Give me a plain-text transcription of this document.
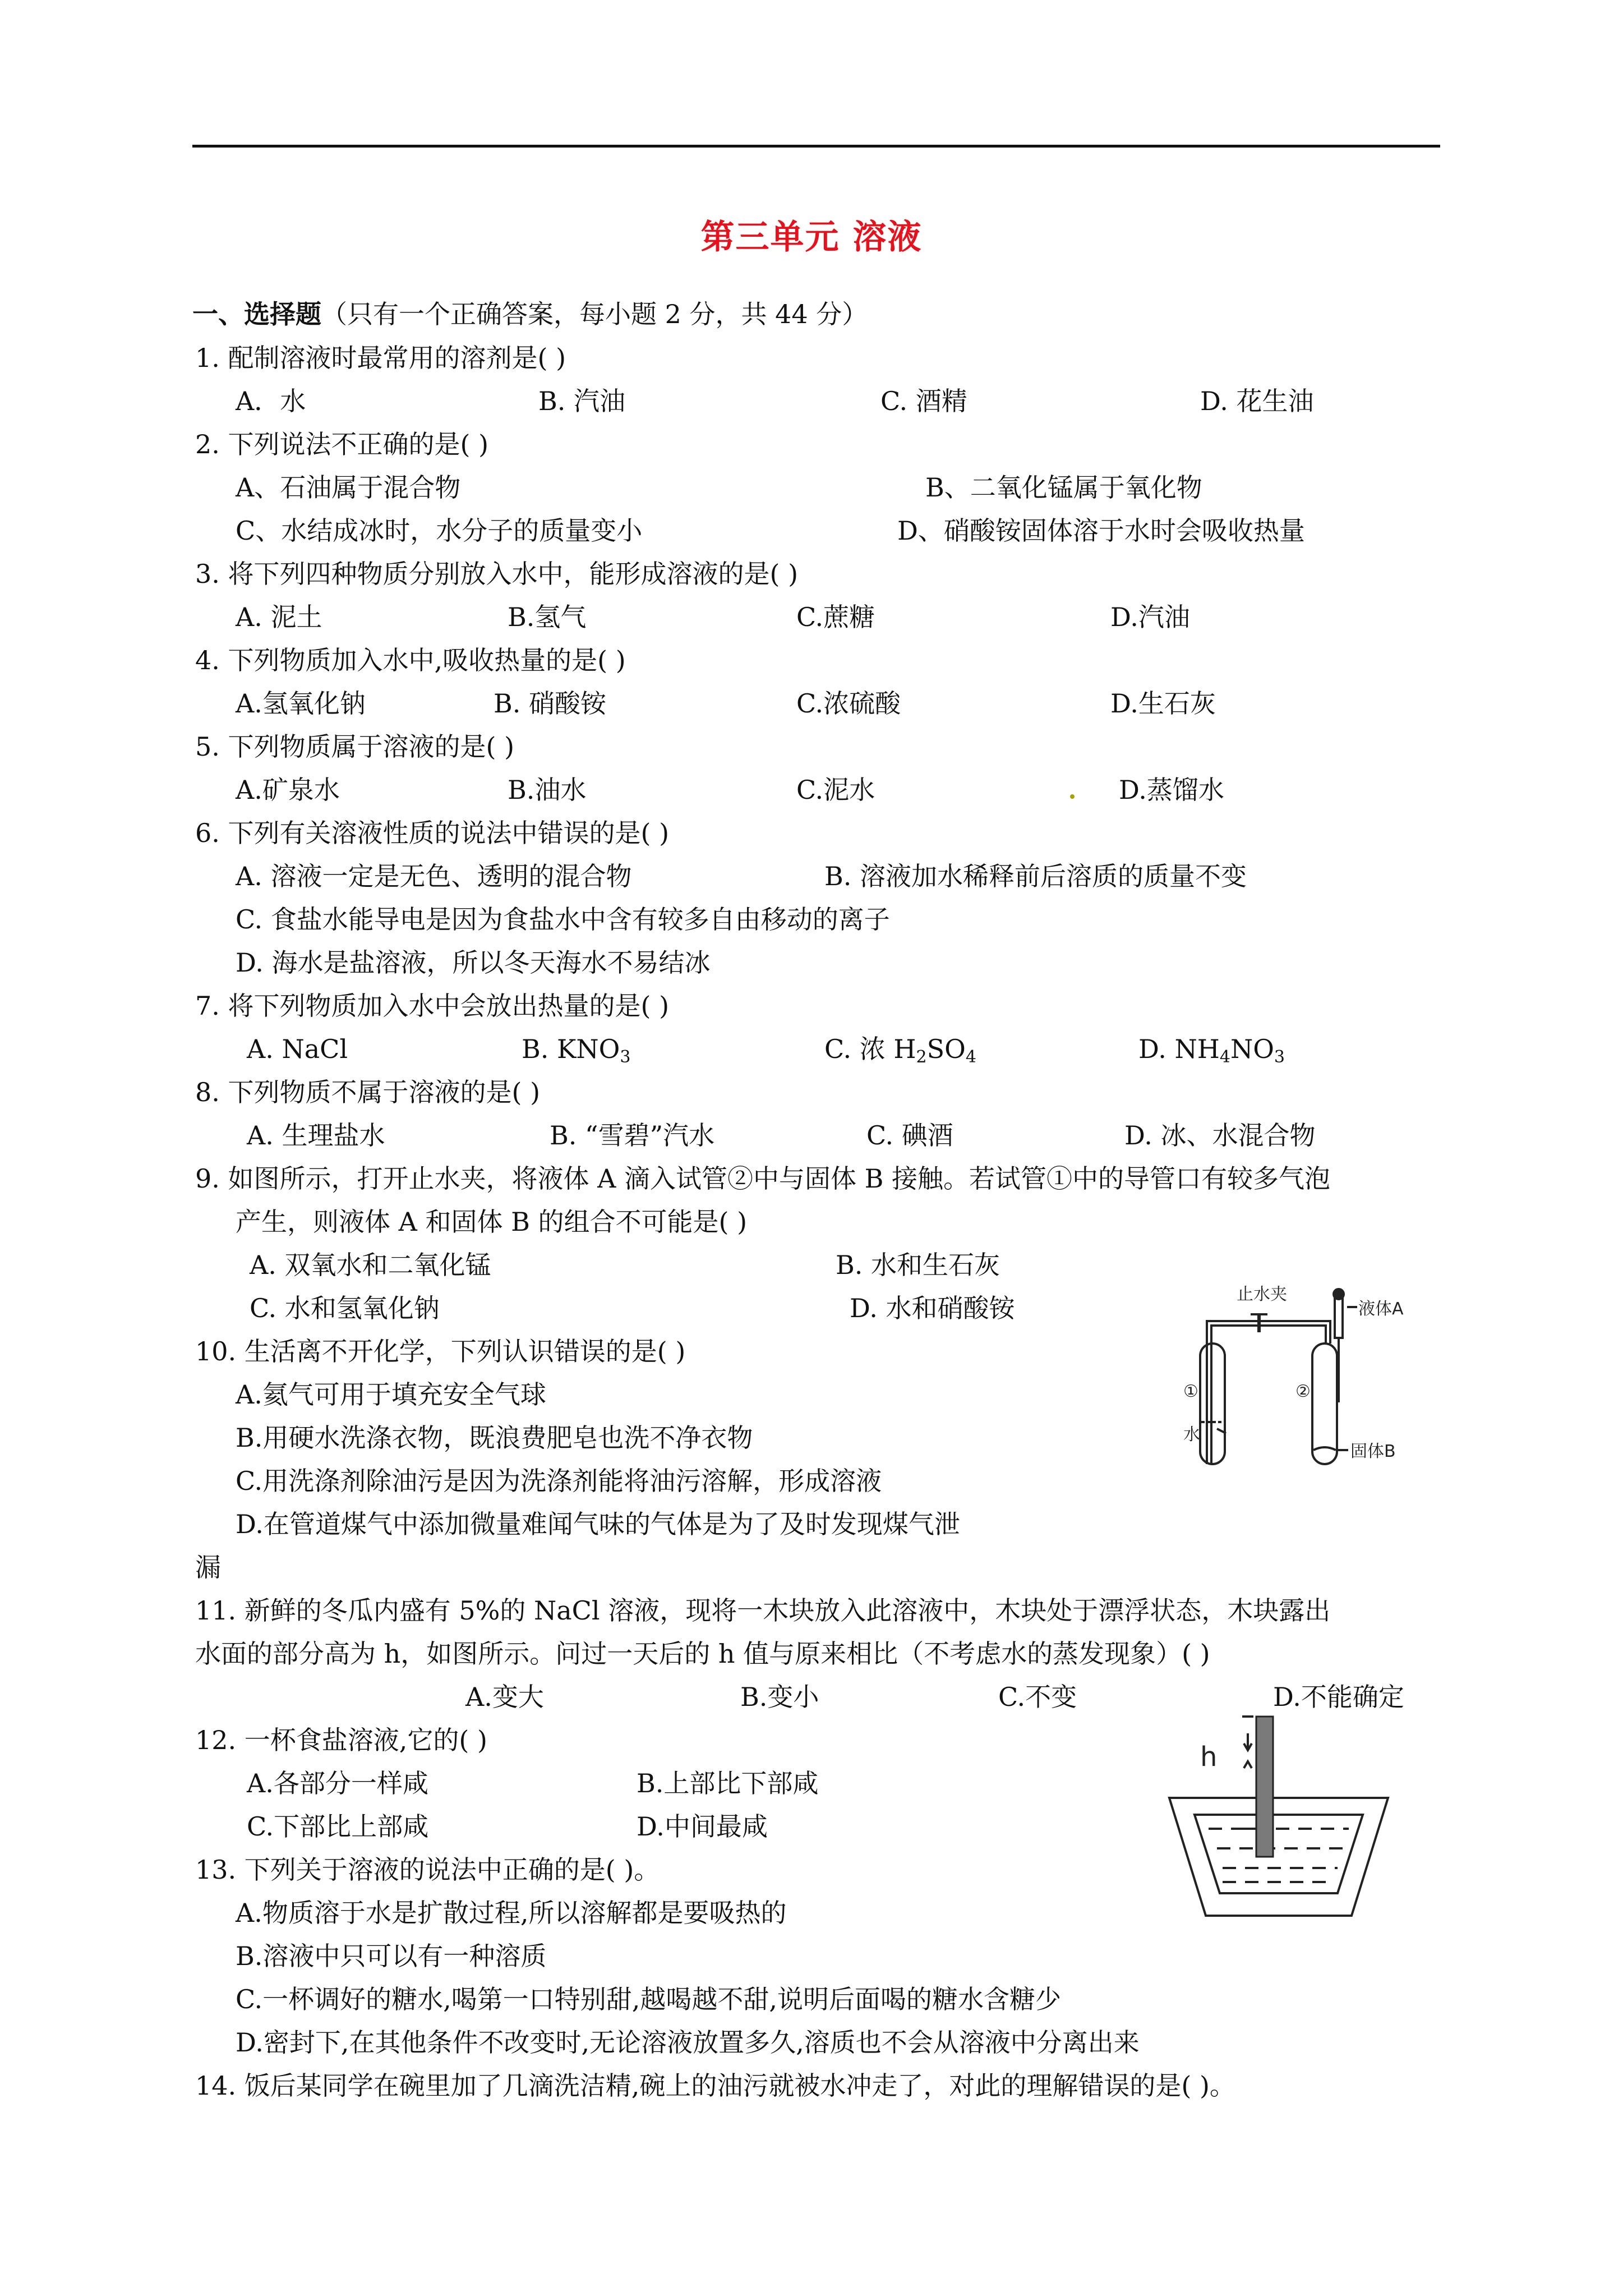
第三单元 溶液
一、选择题（只有一个正确答案，每小题 2 分，共 44 分）
1. 配制溶液时最常用的溶剂是( )
A．水	B. 汽油	C. 酒精	D. 花生油
2. 下列说法不正确的是( )
A、石油属于混合物	B、二氧化锰属于氧化物
C、水结成冰时，水分子的质量变小	D、硝酸铵固体溶于水时会吸收热量
3. 将下列四种物质分别放入水中，能形成溶液的是( )
A. 泥土	B.氢气	C.蔗糖	D.汽油
4. 下列物质加入水中,吸收热量的是( )
A.氢氧化钠	B. 硝酸铵	C.浓硫酸	D.生石灰
5. 下列物质属于溶液的是( )
A.矿泉水	B.油水	C.泥水	D.蒸馏水
6. 下列有关溶液性质的说法中错误的是( )
A. 溶液一定是无色、透明的混合物	B. 溶液加水稀释前后溶质的质量不变
C. 食盐水能导电是因为食盐水中含有较多自由移动的离子
D. 海水是盐溶液，所以冬天海水不易结冰
7. 将下列物质加入水中会放出热量的是( )
A. NaCl	B. $KNO_3$	C. 浓 $H_2SO_4$	D. $NH_4NO_3$
8. 下列物质不属于溶液的是( )
A. 生理盐水	B. “雪碧”汽水	C. 碘酒	D. 冰、水混合物
9. 如图所示，打开止水夹，将液体 A 滴入试管②中与固体 B 接触。若试管①中的导管口有较多气泡
产生，则液体 A 和固体 B 的组合不可能是( )
A. 双氧水和二氧化锰	B. 水和生石灰
C. 水和氢氧化钠	D. 水和硝酸铵	止水夹
液体A
①	②
水
固体B
10. 生活离不开化学，下列认识错误的是( )
A.氦气可用于填充安全气球
B.用硬水洗涤衣物，既浪费肥皂也洗不净衣物
C.用洗涤剂除油污是因为洗涤剂能将油污溶解，形成溶液
D.在管道煤气中添加微量难闻气味的气体是为了及时发现煤气泄
漏
11. 新鲜的冬瓜内盛有 5%的 NaCl 溶液，现将一木块放入此溶液中，木块处于漂浮状态，木块露出
水面的部分高为 h，如图所示。问过一天后的 h 值与原来相比（不考虑水的蒸发现象）( )
A.变大	B.变小	C.不变	D.不能确定
h
12. 一杯食盐溶液,它的( )
A.各部分一样咸	B.上部比下部咸
C.下部比上部咸	D.中间最咸
13. 下列关于溶液的说法中正确的是( )。
A.物质溶于水是扩散过程,所以溶解都是要吸热的
B.溶液中只可以有一种溶质
C.一杯调好的糖水,喝第一口特别甜,越喝越不甜,说明后面喝的糖水含糖少
D.密封下,在其他条件不改变时,无论溶液放置多久,溶质也不会从溶液中分离出来
14. 饭后某同学在碗里加了几滴洗洁精,碗上的油污就被水冲走了，对此的理解错误的是( )。
